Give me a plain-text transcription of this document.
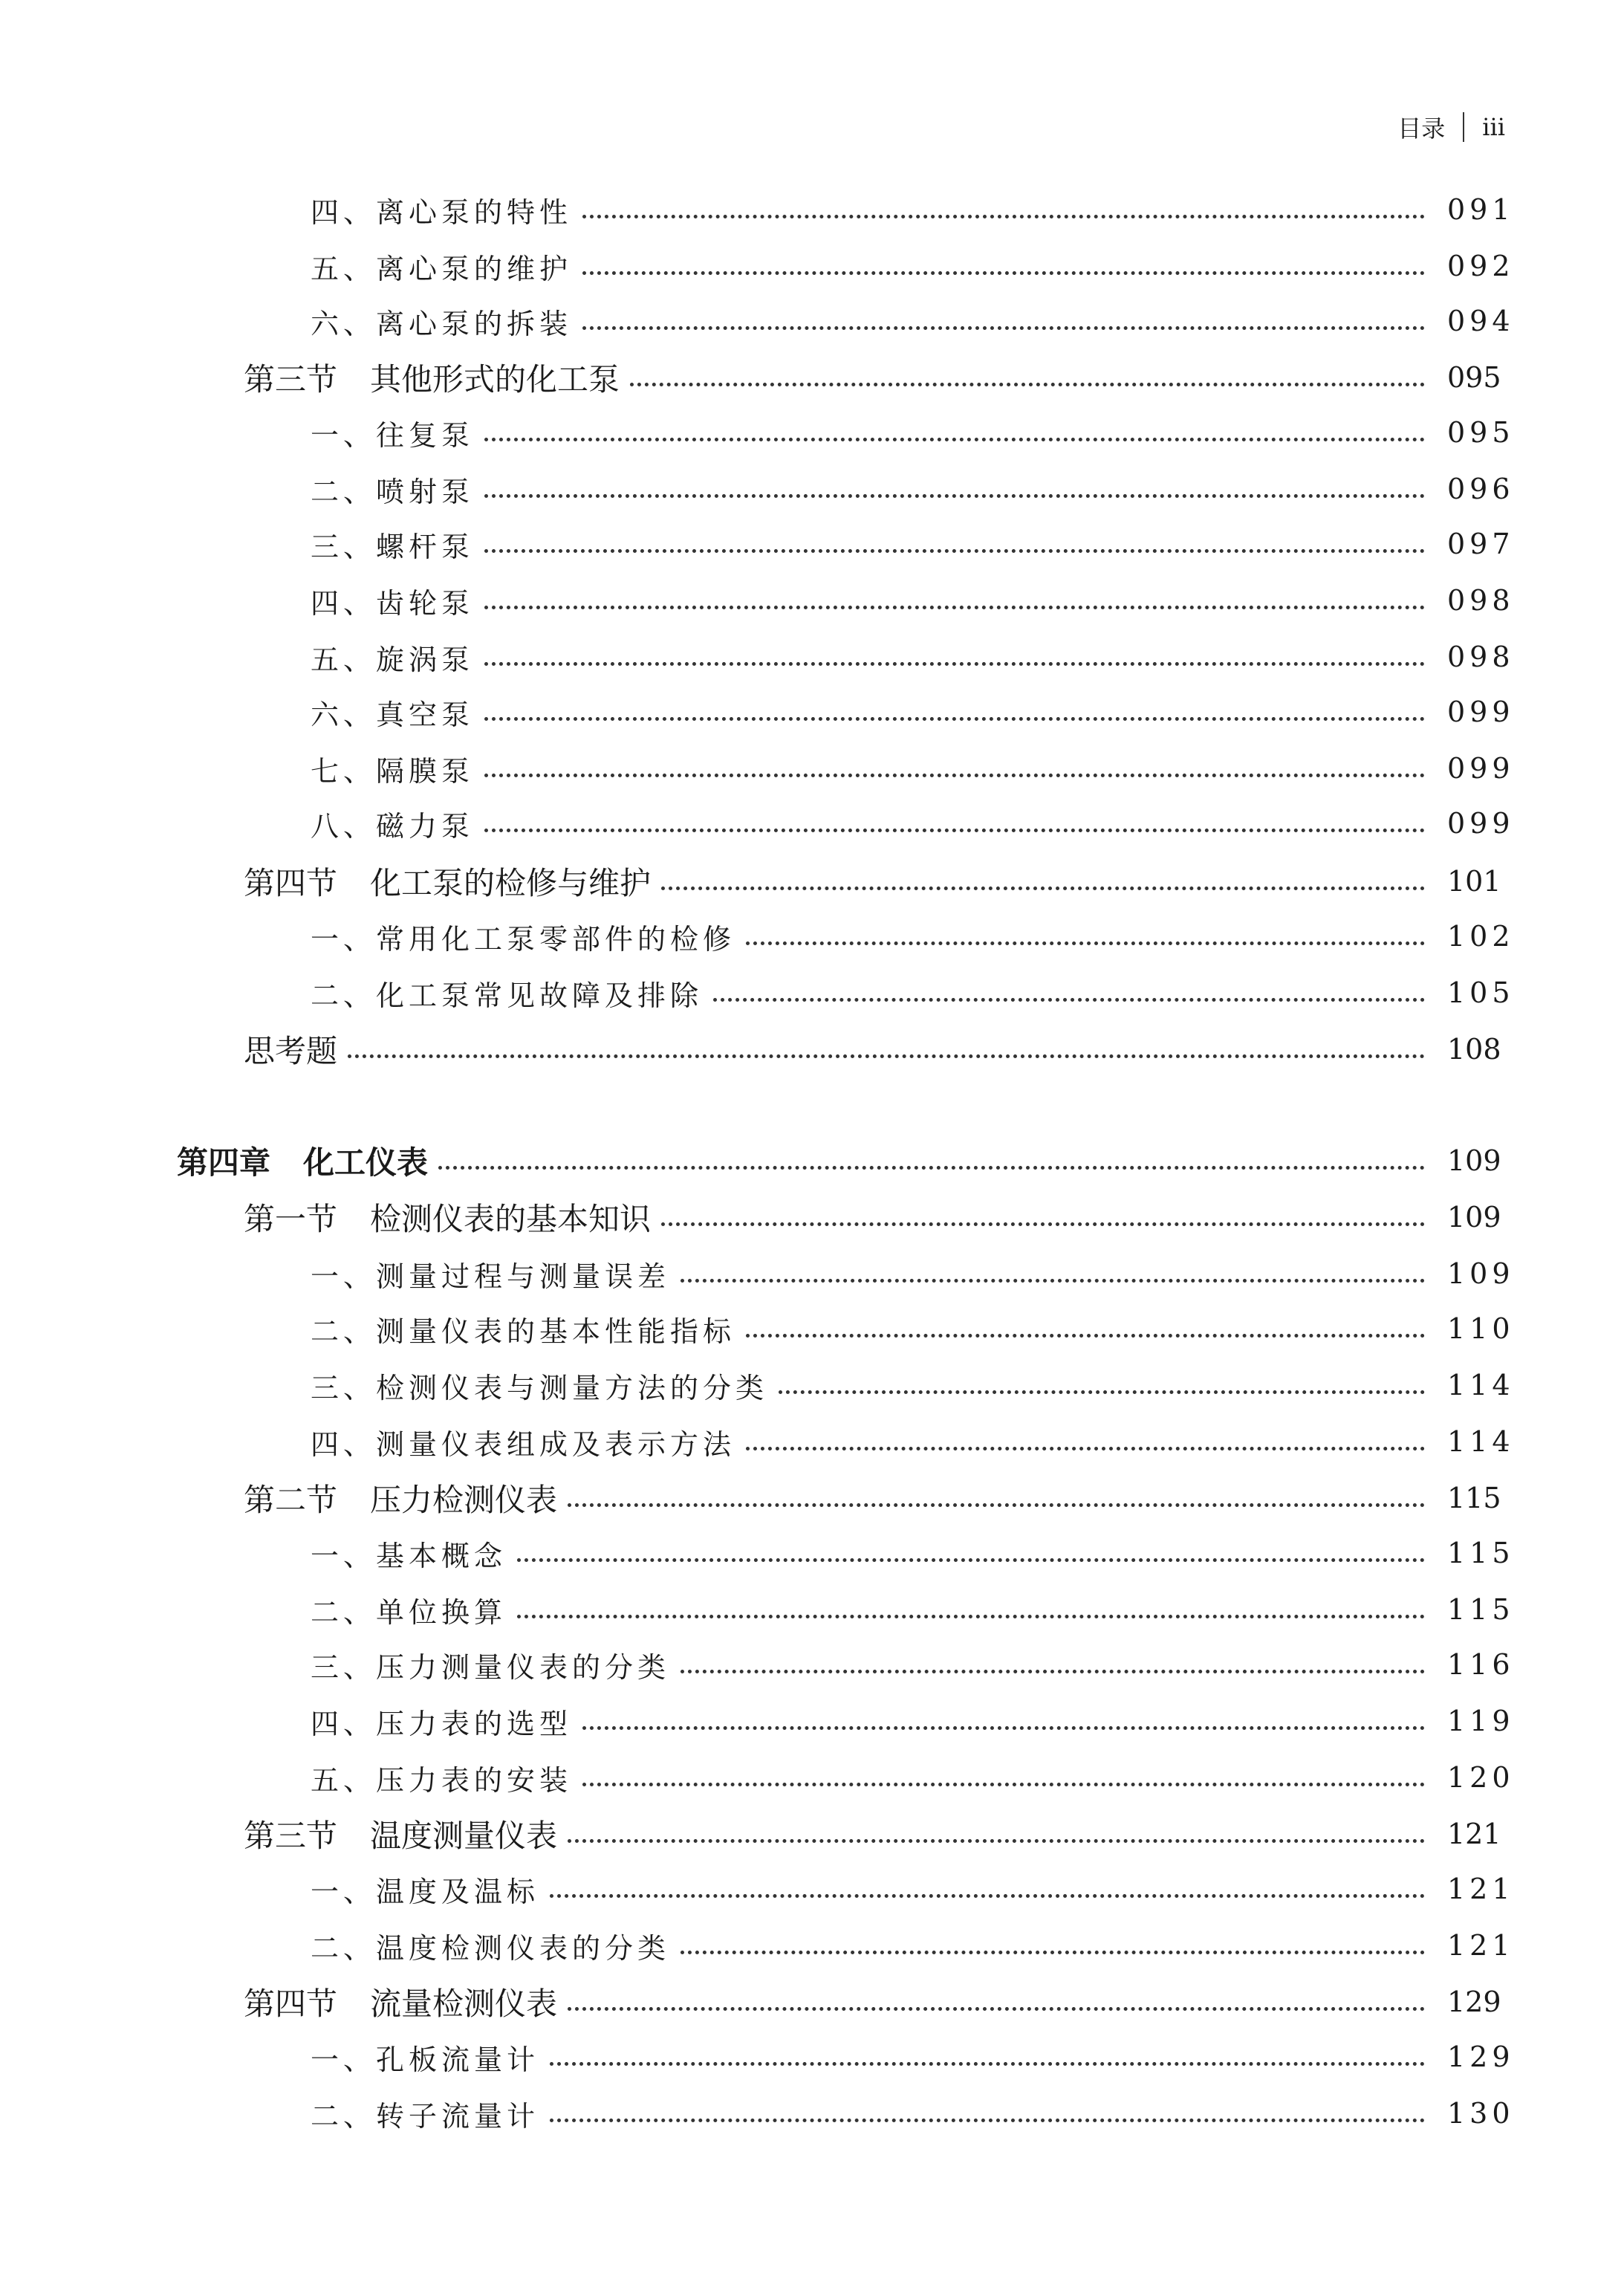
目录 iii
四、离心泵的特性	091
五、离心泵的维护	092
六、离心泵的拆装	094
第三节 其他形式的化工泵	095
一、往复泵	095
二、喷射泵	096
三、螺杆泵	097
四、齿轮泵	098
五、旋涡泵	098
六、真空泵	099
七、隔膜泵	099
八、磁力泵	099
第四节 化工泵的检修与维护	101
一、常用化工泵零部件的检修	102
二、化工泵常见故障及排除	105
思考题	108
第四章 化工仪表	109
第一节 检测仪表的基本知识	109
一、测量过程与测量误差	109
二、测量仪表的基本性能指标	110
三、检测仪表与测量方法的分类	114
四、测量仪表组成及表示方法	114
第二节 压力检测仪表	115
一、基本概念	115
二、单位换算	115
三、压力测量仪表的分类	116
四、压力表的选型	119
五、压力表的安装	120
第三节 温度测量仪表	121
一、温度及温标	121
二、温度检测仪表的分类	121
第四节 流量检测仪表	129
一、孔板流量计	129
二、转子流量计	130
